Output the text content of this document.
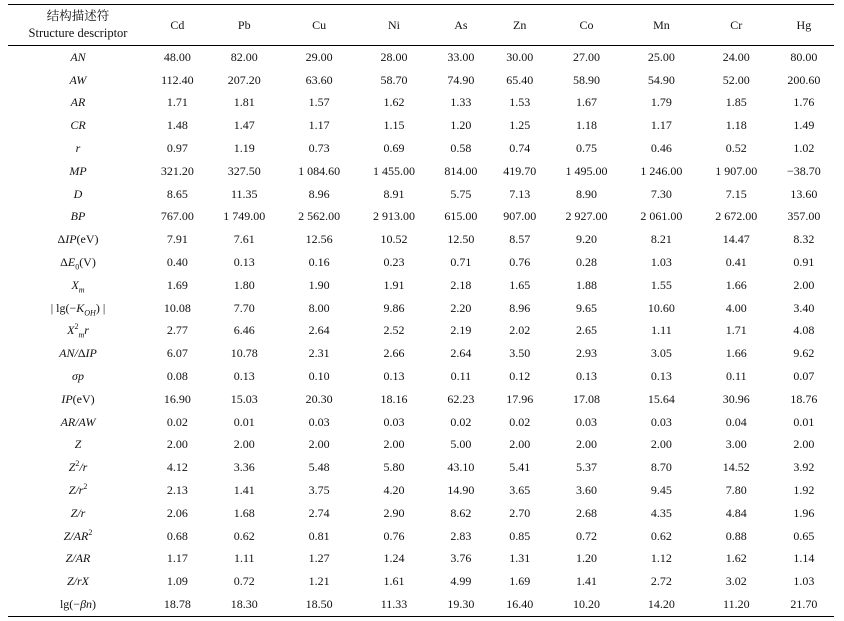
结构描述符
Structure descriptor	Cd	Pb	Cu	Ni	As	Zn	Co	Mn	Cr	Hg
AN	48.00	82.00	29.00	28.00	33.00	30.00	27.00	25.00	24.00	80.00
AW	112.40	207.20	63.60	58.70	74.90	65.40	58.90	54.90	52.00	200.60
AR	1.71	1.81	1.57	1.62	1.33	1.53	1.67	1.79	1.85	1.76
CR	1.48	1.47	1.17	1.15	1.20	1.25	1.18	1.17	1.18	1.49
r	0.97	1.19	0.73	0.69	0.58	0.74	0.75	0.46	0.52	1.02
MP	321.20	327.50	1 084.60	1 455.00	814.00	419.70	1 495.00	1 246.00	1 907.00	−38.70
D	8.65	11.35	8.96	8.91	5.75	7.13	8.90	7.30	7.15	13.60
BP	767.00	1 749.00	2 562.00	2 913.00	615.00	907.00	2 927.00	2 061.00	2 672.00	357.00
ΔIP(eV)	7.91	7.61	12.56	10.52	12.50	8.57	9.20	8.21	14.47	8.32
$\Delta E_0(V)$	0.40	0.13	0.16	0.23	0.71	0.76	0.28	1.03	0.41	0.91
$X_m$	1.69	1.80	1.90	1.91	2.18	1.65	1.88	1.55	1.66	2.00
| $\lg(-K_{OH})$ |	10.08	7.70	8.00	9.86	2.20	8.96	9.65	10.60	4.00	3.40
$X^2_mr$	2.77	6.46	2.64	2.52	2.19	2.02	2.65	1.11	1.71	4.08
AN/ΔIP	6.07	10.78	2.31	2.66	2.64	3.50	2.93	3.05	1.66	9.62
σp	0.08	0.13	0.10	0.13	0.11	0.12	0.13	0.13	0.11	0.07
IP(eV)	16.90	15.03	20.30	18.16	62.23	17.96	17.08	15.64	30.96	18.76
AR/AW	0.02	0.01	0.03	0.03	0.02	0.02	0.03	0.03	0.04	0.01
Z	2.00	2.00	2.00	2.00	5.00	2.00	2.00	2.00	3.00	2.00
$Z^2/r$	4.12	3.36	5.48	5.80	43.10	5.41	5.37	8.70	14.52	3.92
$Z/r^2$	2.13	1.41	3.75	4.20	14.90	3.65	3.60	9.45	7.80	1.92
Z/r	2.06	1.68	2.74	2.90	8.62	2.70	2.68	4.35	4.84	1.96
$Z/AR^2$	0.68	0.62	0.81	0.76	2.83	0.85	0.72	0.62	0.88	0.65
Z/AR	1.17	1.11	1.27	1.24	3.76	1.31	1.20	1.12	1.62	1.14
Z/rX	1.09	0.72	1.21	1.61	4.99	1.69	1.41	2.72	3.02	1.03
lg(−βn)	18.78	18.30	18.50	11.33	19.30	16.40	10.20	14.20	11.20	21.70
